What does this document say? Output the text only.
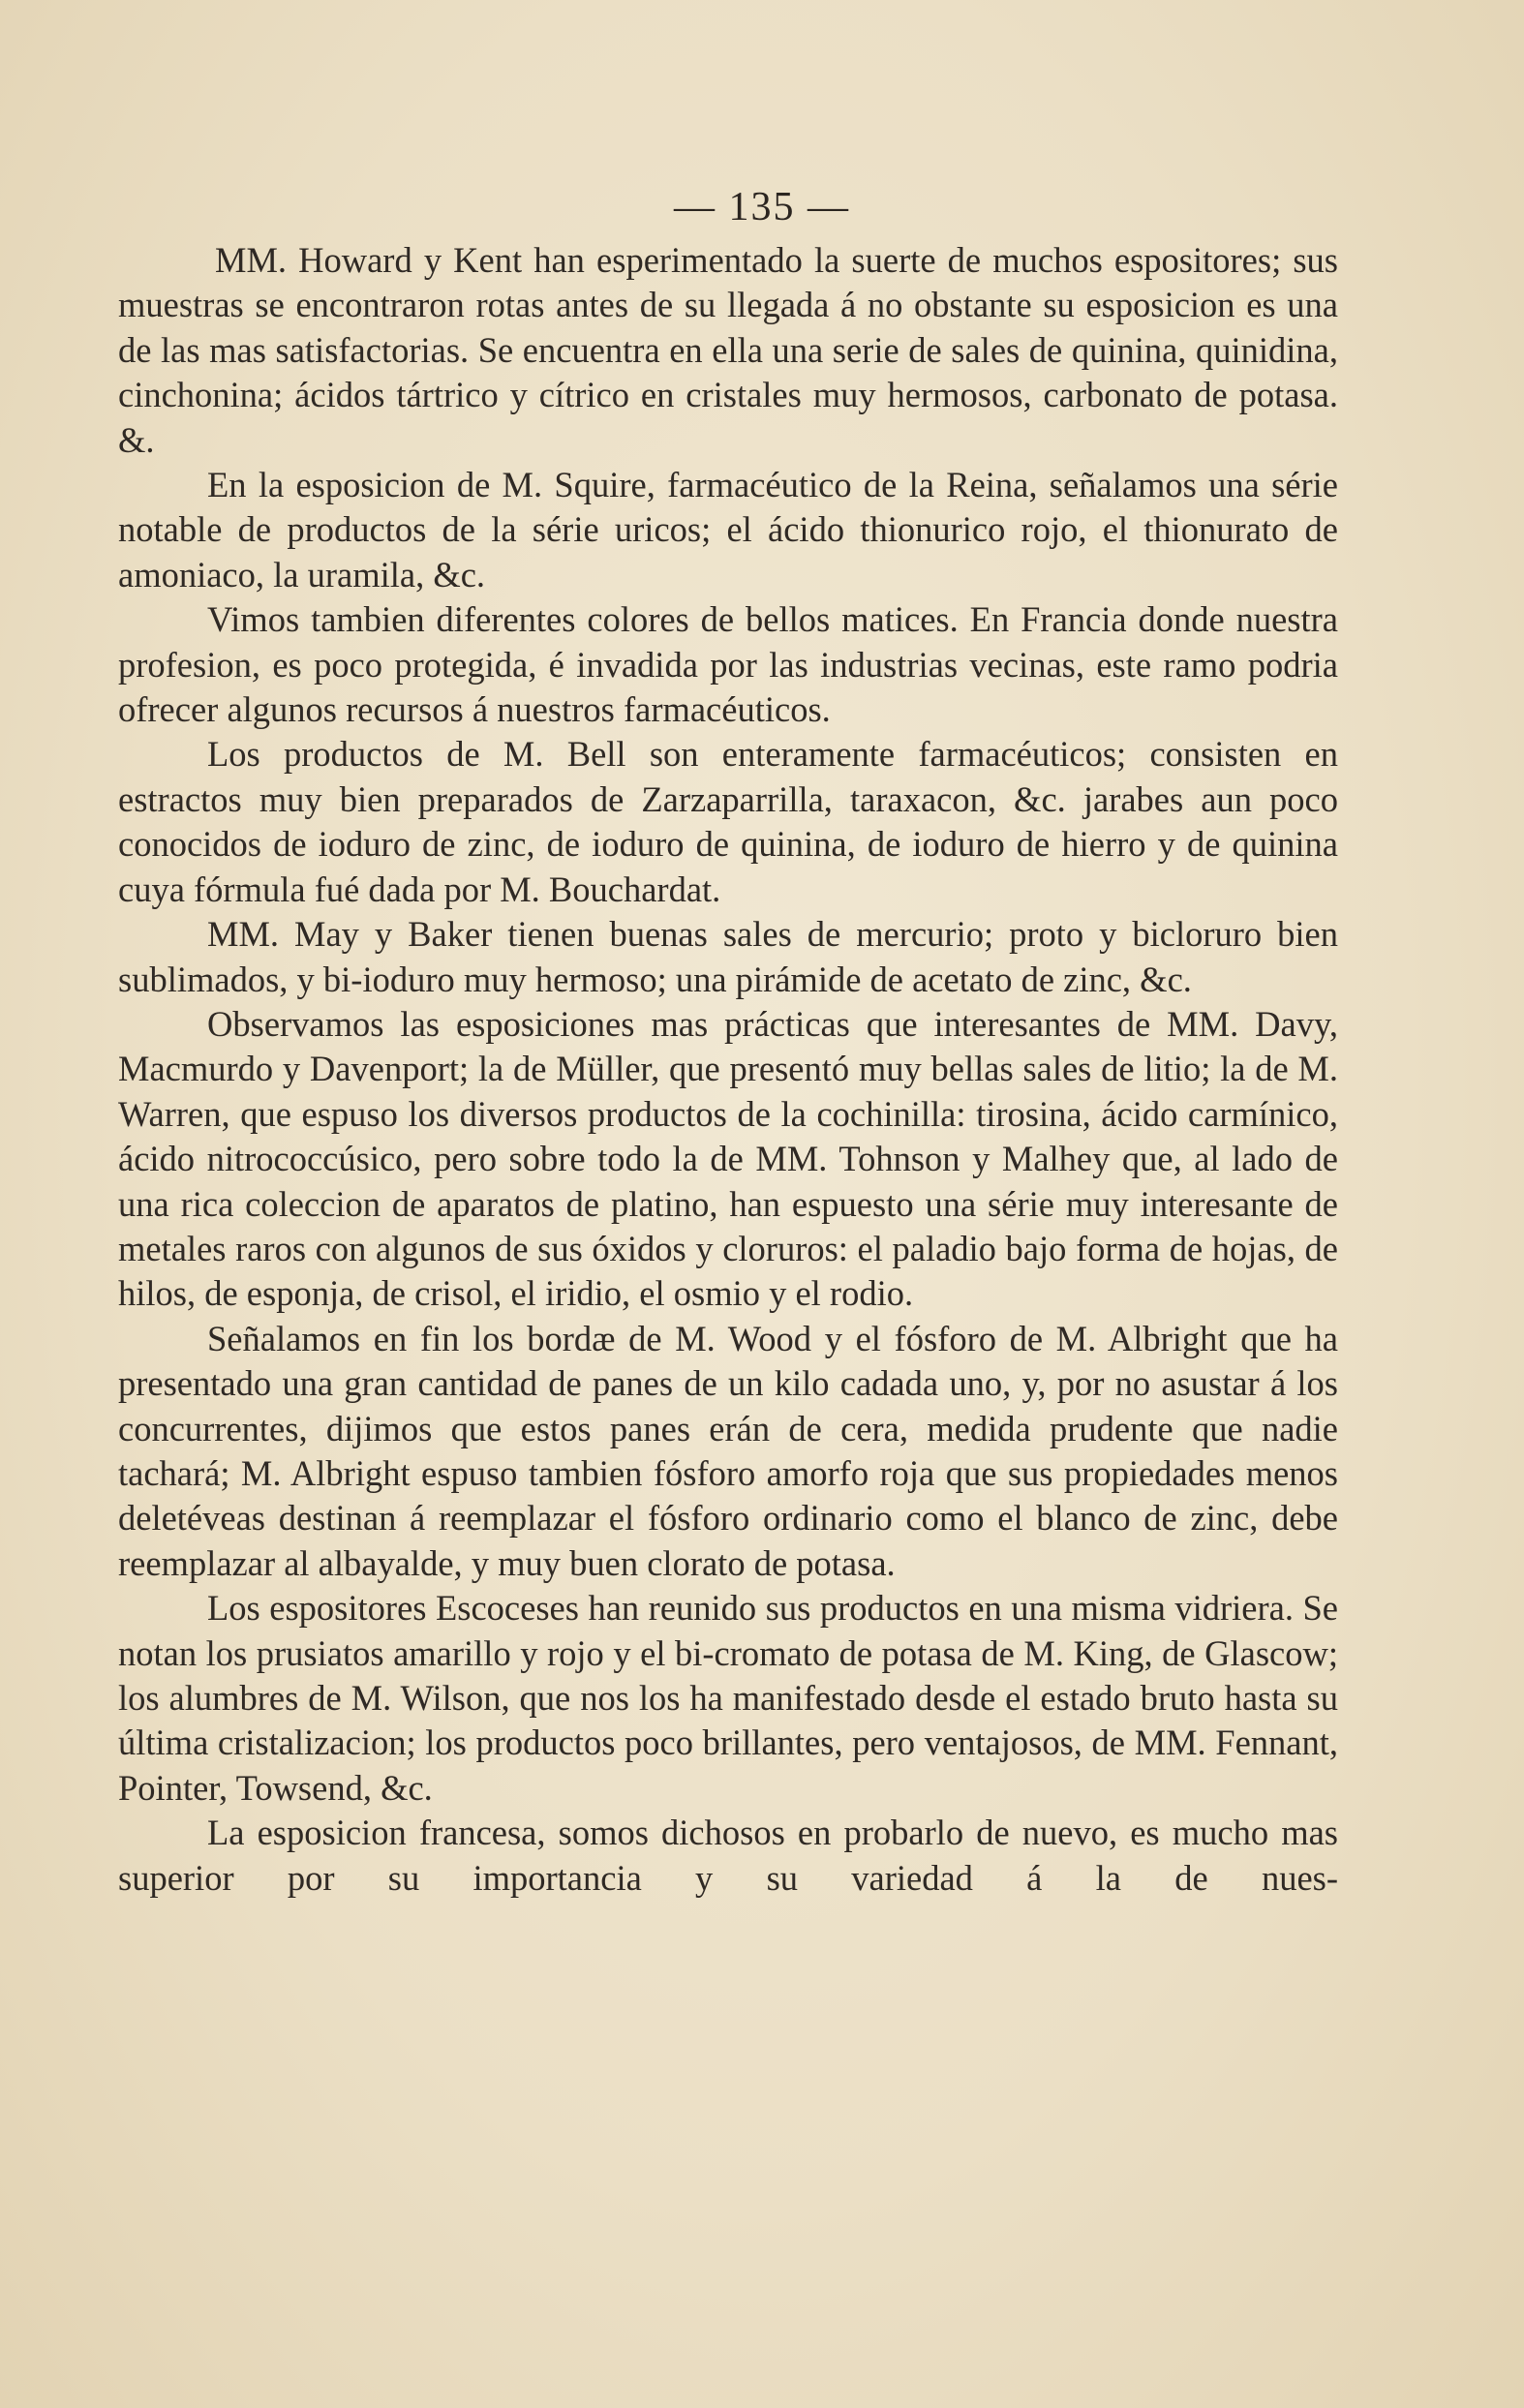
— 135 —

MM. Howard y Kent han esperimentado la suerte de muchos espositores; sus muestras se encontraron rotas antes de su llegada á no obstante su esposicion es una de las mas satisfactorias. Se encuentra en ella una serie de sales de quinina, quinidina, cinchonina; ácidos tártrico y cítrico en cristales muy hermosos, carbonato de potasa. &.

En la esposicion de M. Squire, farmacéutico de la Reina, señalamos una série notable de productos de la série uricos; el ácido thionurico rojo, el thionurato de amoniaco, la uramila, &c.

Vimos tambien diferentes colores de bellos matices. En Francia donde nuestra profesion, es poco protegida, é invadida por las industrias vecinas, este ramo podria ofrecer algunos recursos á nuestros farmacéuticos.

Los productos de M. Bell son enteramente farmacéuticos; consisten en estractos muy bien preparados de Zarzaparrilla, taraxacon, &c. jarabes aun poco conocidos de ioduro de zinc, de ioduro de quinina, de ioduro de hierro y de quinina cuya fórmula fué dada por M. Bouchardat.

MM. May y Baker tienen buenas sales de mercurio; proto y bicloruro bien sublimados, y bi-ioduro muy hermoso; una pirámide de acetato de zinc, &c.

Observamos las esposiciones mas prácticas que interesantes de MM. Davy, Macmurdo y Davenport; la de Müller, que presentó muy bellas sales de litio; la de M. Warren, que espuso los diversos productos de la cochinilla: tirosina, ácido carmínico, ácido nitrococcúsico, pero sobre todo la de MM. Tohnson y Malhey que, al lado de una rica coleccion de aparatos de platino, han espuesto una série muy interesante de metales raros con algunos de sus óxidos y cloruros: el paladio bajo forma de hojas, de hilos, de esponja, de crisol, el iridio, el osmio y el rodio.

Señalamos en fin los bordæ de M. Wood y el fósforo de M. Albright que ha presentado una gran cantidad de panes de un kilo cadada uno, y, por no asustar á los concurrentes, dijimos que estos panes erán de cera, medida prudente que nadie tachará; M. Albright espuso tambien fósforo amorfo roja que sus propiedades menos deletéveas destinan á reemplazar el fósforo ordinario como el blanco de zinc, debe reemplazar al albayalde, y muy buen clorato de potasa.

Los espositores Escoceses han reunido sus productos en una misma vidriera. Se notan los prusiatos amarillo y rojo y el bi-cromato de potasa de M. King, de Glascow; los alumbres de M. Wilson, que nos los ha manifestado desde el estado bruto hasta su última cristalizacion; los productos poco brillantes, pero ventajosos, de MM. Fennant, Pointer, Towsend, &c.

La esposicion francesa, somos dichosos en probarlo de nuevo, es mucho mas superior por su importancia y su variedad á la de nues-
